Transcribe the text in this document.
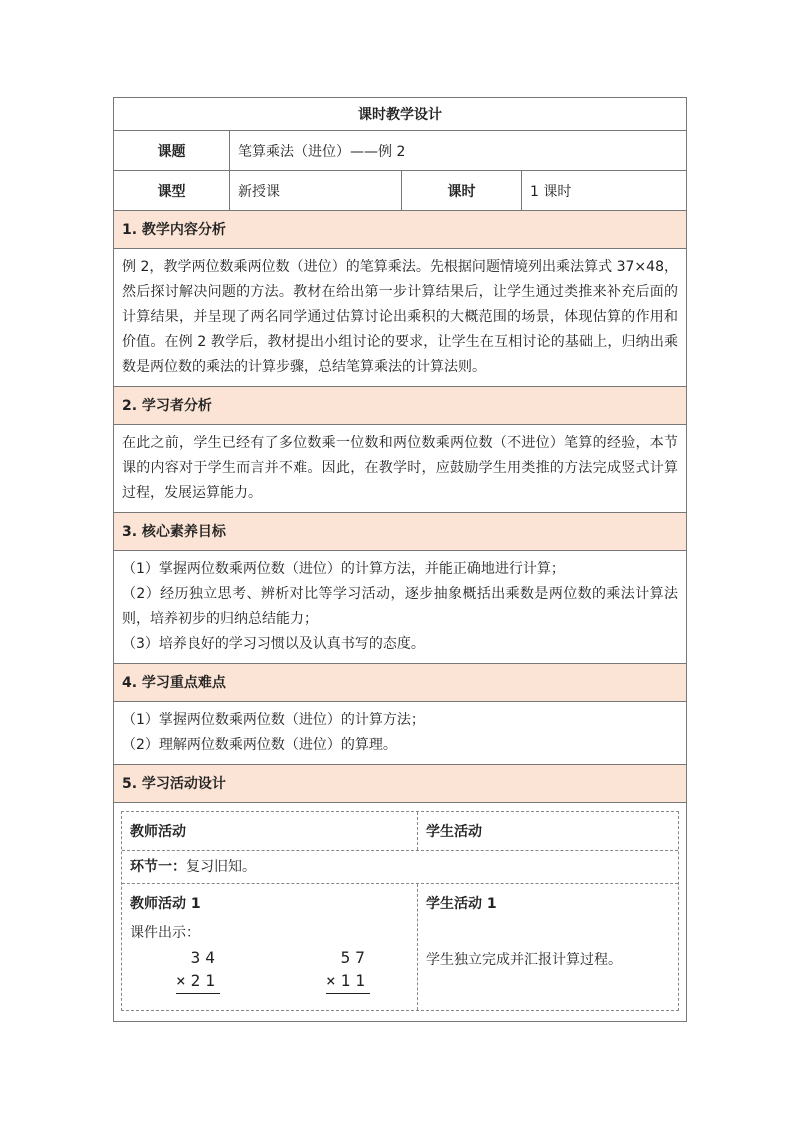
课时教学设计
课题	笔算乘法（进位）——例 2
课型	新授课	课时	1 课时
1. 教学内容分析

例 2，教学两位数乘两位数（进位）的笔算乘法。先根据问题情境列出乘法算式 37×48，然后探讨解决问题的方法。教材在给出第一步计算结果后，让学生通过类推来补充后面的计算结果，并呈现了两名同学通过估算讨论出乘积的大概范围的场景，体现估算的作用和价值。在例 2 教学后，教材提出小组讨论的要求，让学生在互相讨论的基础上，归纳出乘数是两位数的乘法的计算步骤，总结笔算乘法的计算法则。

2. 学习者分析

在此之前，学生已经有了多位数乘一位数和两位数乘两位数（不进位）笔算的经验，本节课的内容对于学生而言并不难。因此，在教学时，应鼓励学生用类推的方法完成竖式计算过程，发展运算能力。

3. 核心素养目标

（1）掌握两位数乘两位数（进位）的计算方法，并能正确地进行计算；

（2）经历独立思考、辨析对比等学习活动，逐步抽象概括出乘数是两位数的乘法计算法则，培养初步的归纳总结能力；

（3）培养良好的学习习惯以及认真书写的态度。

4. 学习重点难点

（1）掌握两位数乘两位数（进位）的计算方法；

（2）理解两位数乘两位数（进位）的算理。

5. 学习活动设计
教师活动	学生活动
环节一：复习旧知。
教师活动 1
课件出示：
34
×21
57
×11
学生活动 1
学生独立完成并汇报计算过程。
